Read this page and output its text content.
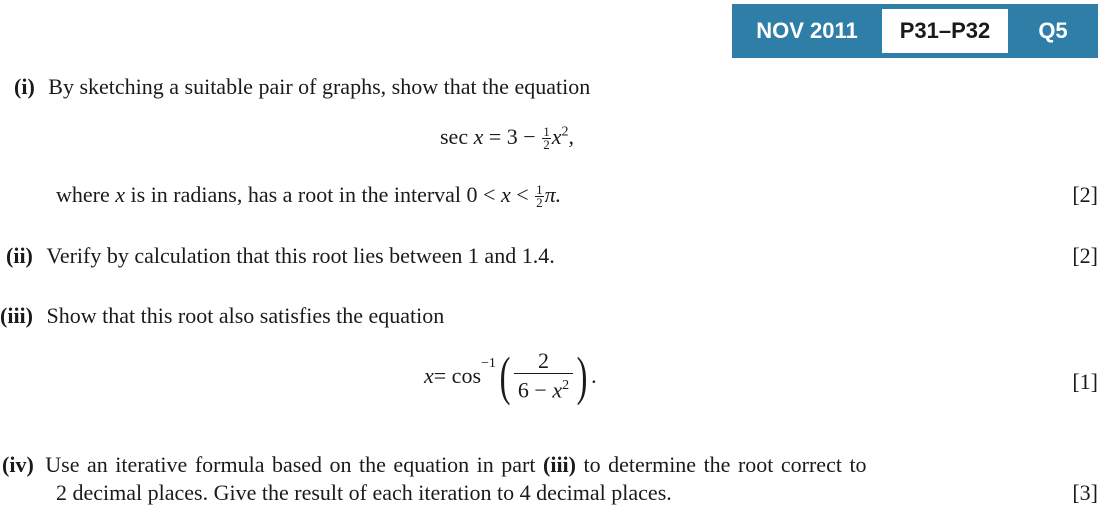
NOV 2011	P31–P32	Q5
(i) By sketching a suitable pair of graphs, show that the equation
$\sec x = 3 - \frac{1}{2} x^2$,
where x is in radians, has a root in the interval $0 < x < \frac{1}{2} \pi$.	[2]
(ii) Verify by calculation that this root lies between 1 and 1.4.	[2]
(iii) Show that this root also satisfies the equation
$x = \cos^{-1}$ ( $\frac{2}{6 - x^2}$ ) .	[1]
(iv) Use an iterative formula based on the equation in part (iii) to determine the root correct to
2 decimal places. Give the result of each iteration to 4 decimal places.	[3]
